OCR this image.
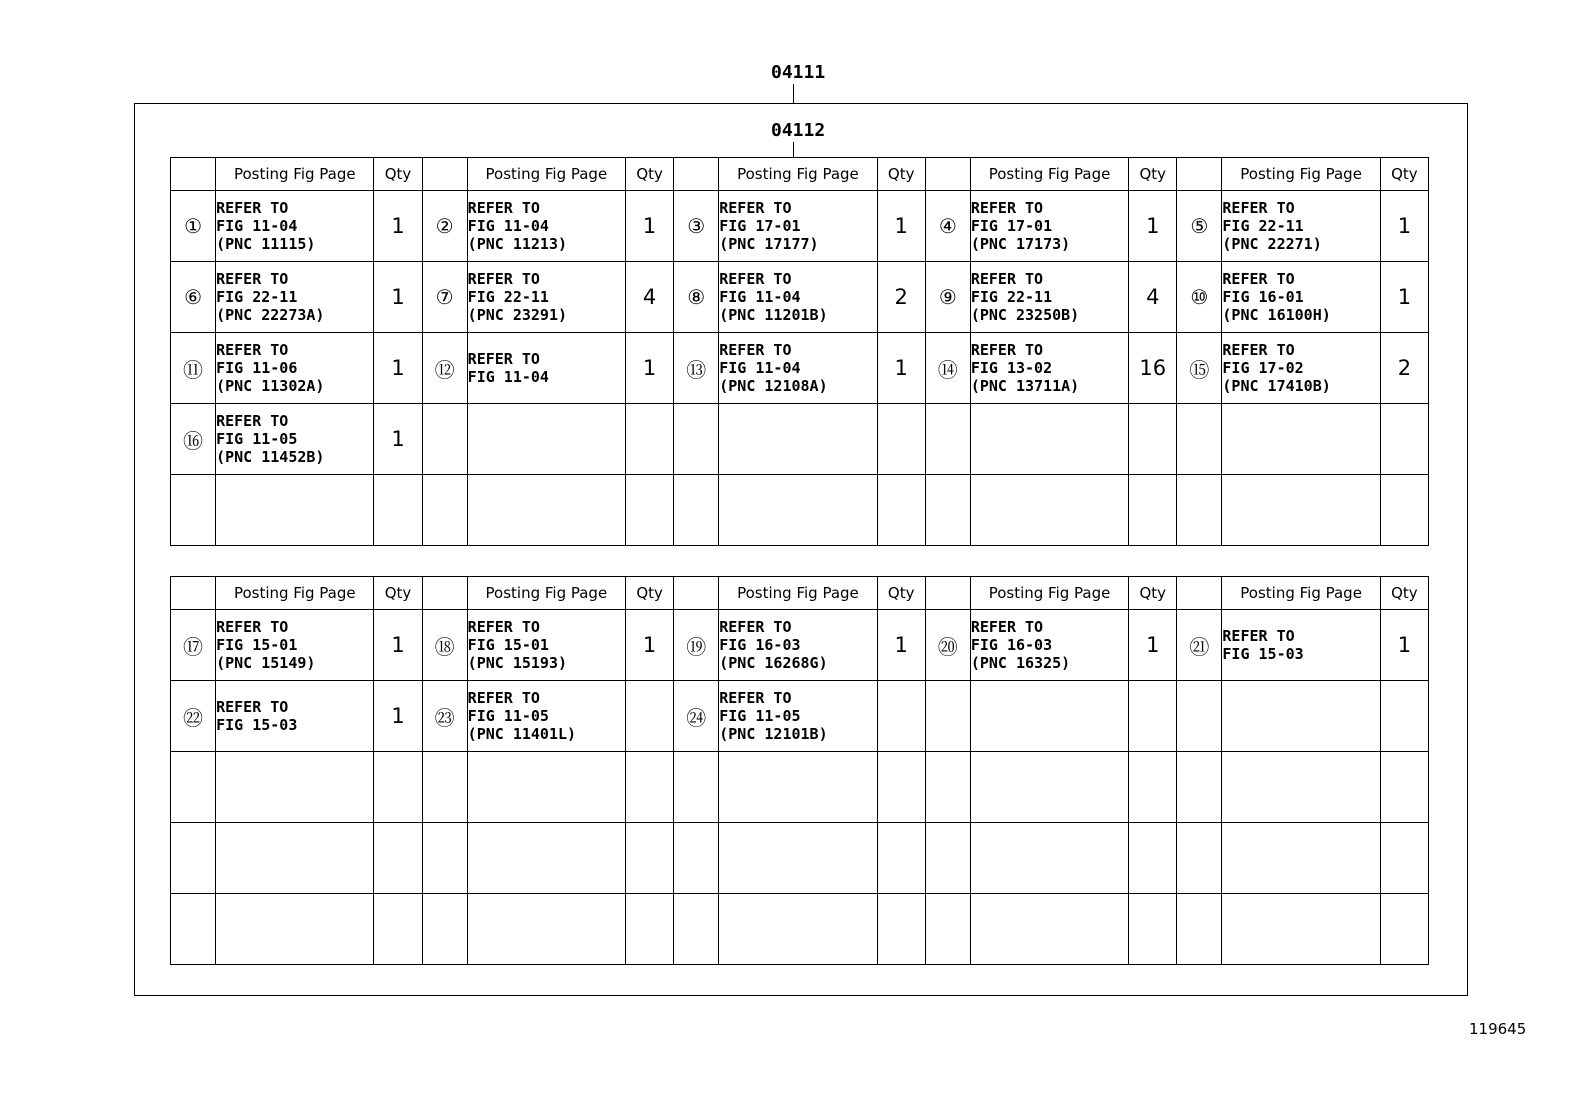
04111
04112
	Posting Fig Page	Qty		Posting Fig Page	Qty		Posting Fig Page	Qty		Posting Fig Page	Qty		Posting Fig Page	Qty
①	REFER TO
FIG 11-04
(PNC 11115)	1	②	REFER TO
FIG 11-04
(PNC 11213)	1	③	REFER TO
FIG 17-01
(PNC 17177)	1	④	REFER TO
FIG 17-01
(PNC 17173)	1	⑤	REFER TO
FIG 22-11
(PNC 22271)	1
⑥	REFER TO
FIG 22-11
(PNC 22273A)	1	⑦	REFER TO
FIG 22-11
(PNC 23291)	4	⑧	REFER TO
FIG 11-04
(PNC 11201B)	2	⑨	REFER TO
FIG 22-11
(PNC 23250B)	4	⑩	REFER TO
FIG 16-01
(PNC 16100H)	1
⑪	REFER TO
FIG 11-06
(PNC 11302A)	1	⑫	REFER TO
FIG 11-04	1	⑬	REFER TO
FIG 11-04
(PNC 12108A)	1	⑭	REFER TO
FIG 13-02
(PNC 13711A)	16	⑮	REFER TO
FIG 17-02
(PNC 17410B)	2
⑯	REFER TO
FIG 11-05
(PNC 11452B)	1		

	Posting Fig Page	Qty		Posting Fig Page	Qty		Posting Fig Page	Qty		Posting Fig Page	Qty		Posting Fig Page	Qty
⑰	REFER TO
FIG 15-01
(PNC 15149)	1	⑱	REFER TO
FIG 15-01
(PNC 15193)	1	⑲	REFER TO
FIG 16-03
(PNC 16268G)	1	⑳	REFER TO
FIG 16-03
(PNC 16325)	1	㉑	REFER TO
FIG 15-03	1
㉒	REFER TO
FIG 15-03	1	㉓	REFER TO
FIG 11-05
(PNC 11401L)		㉔	REFER TO
FIG 11-05
(PNC 12101B)							

119645
